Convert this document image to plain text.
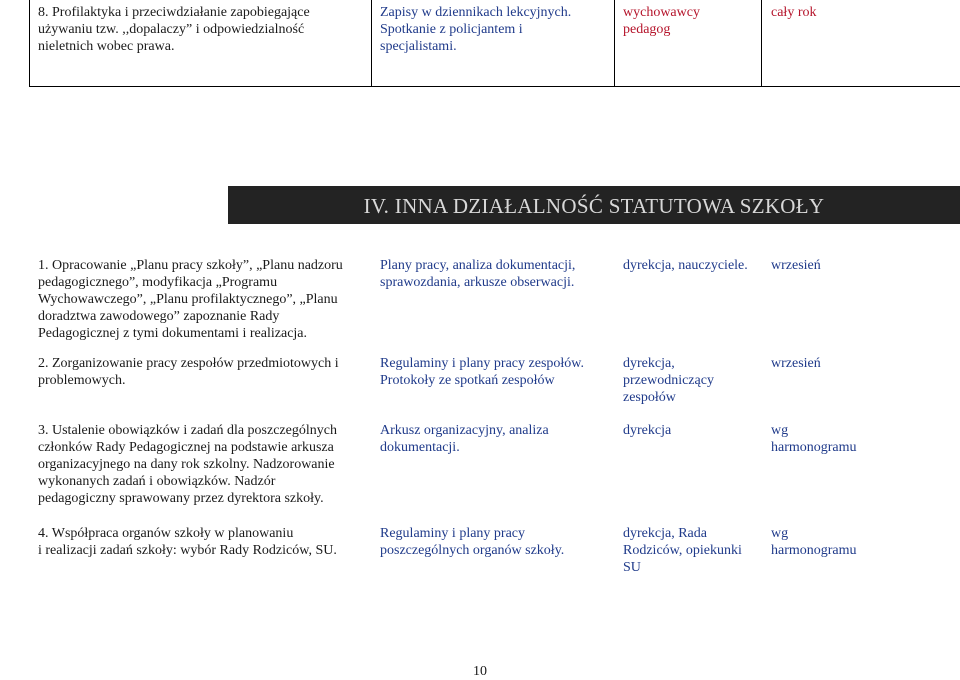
8. Profilaktyka i przeciwdziałanie zapobiegające
używaniu tzw. ,,dopalaczy” i odpowiedzialność
nieletnich wobec prawa.
Zapisy w dziennikach lekcyjnych.
Spotkanie z policjantem i
specjalistami.
wychowawcy
pedagog
cały rok
IV. INNA DZIAŁALNOŚĆ STATUTOWA SZKOŁY
1. Opracowanie „Planu pracy szkoły”, „Planu nadzoru
pedagogicznego”, modyfikacja „Programu
Wychowawczego”, „Planu profilaktycznego”, „Planu
doradztwa zawodowego” zapoznanie Rady
Pedagogicznej z tymi dokumentami i realizacja.
Plany pracy, analiza dokumentacji,
sprawozdania, arkusze obserwacji.
dyrekcja, nauczyciele. wrzesień
2. Zorganizowanie pracy zespołów przedmiotowych i
problemowych.
Regulaminy i plany pracy zespołów.
Protokoły ze spotkań zespołów
dyrekcja,
przewodniczący
zespołów
wrzesień
3. Ustalenie obowiązków i zadań dla poszczególnych
członków Rady Pedagogicznej na podstawie arkusza
organizacyjnego na dany rok szkolny. Nadzorowanie
wykonanych zadań i obowiązków. Nadzór
pedagogiczny sprawowany przez dyrektora szkoły.
Arkusz organizacyjny, analiza
dokumentacji.
dyrekcja	wg
harmonogramu
4. Współpraca organów szkoły w planowaniu
i realizacji zadań szkoły: wybór Rady Rodziców, SU.
Regulaminy i plany pracy
poszczególnych organów szkoły.
dyrekcja, Rada
Rodziców, opiekunki
SU
wg
harmonogramu
10
